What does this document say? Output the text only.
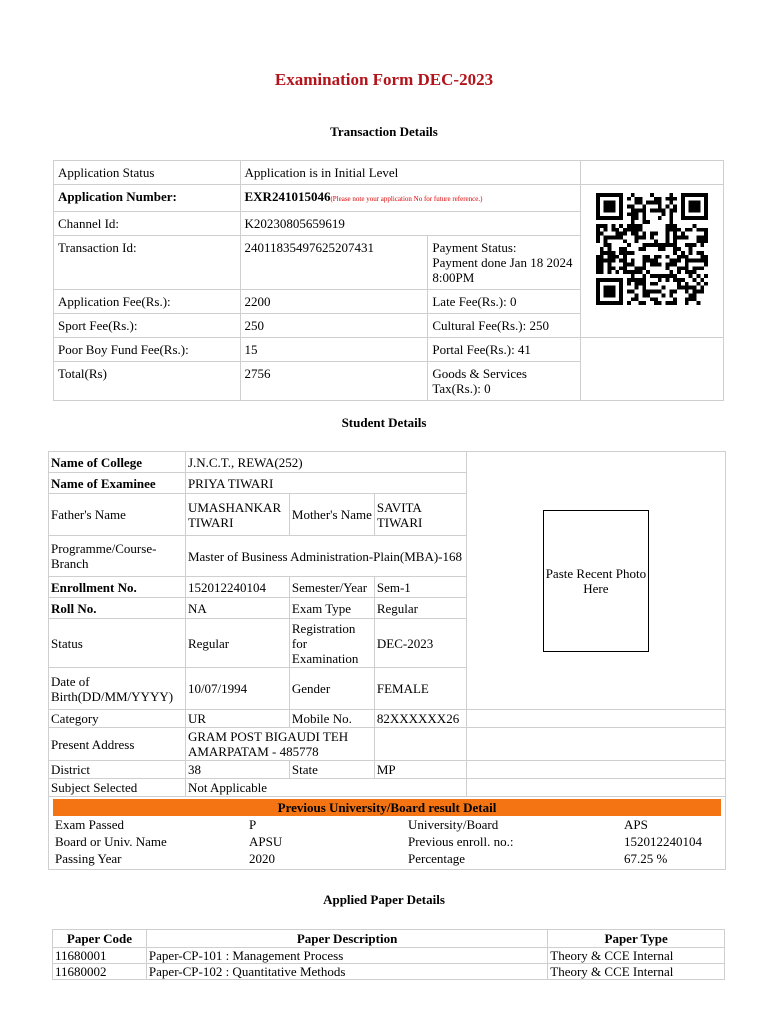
Examination Form DEC-2023
Transaction Details
Application Status	Application is in Initial Level		
Application Number:	EXR241015046(Please note your application No for future reference.)	

Channel Id:	K20230805659619		
Transaction Id:	24011835497625207431	Payment Status:
Payment done Jan 18 2024 8:00PM	

Application Fee(Rs.):	2200	Late Fee(Rs.): 0	
Sport Fee(Rs.):	250	Cultural Fee(Rs.): 250	
Poor Boy Fund Fee(Rs.):	15	Portal Fee(Rs.): 41	
Total(Rs)	2756	Goods & Services Tax(Rs.): 0	
Student Details
Name of College	J.N.C.T., REWA(252)	
Paste Recent Photo Here

Name of Examinee	PRIYA TIWARI
Father's Name	UMASHANKAR TIWARI	Mother's Name	SAVITA TIWARI
Programme/Course-Branch	Master of Business Administration-Plain(MBA)-168
Enrollment No.	152012240104	Semester/Year	Sem-1
Roll No.	NA	Exam Type	Regular
Status	Regular	Registration for Examination	DEC-2023
Date of Birth(DD/MM/YYYY)	10/07/1994	Gender	FEMALE
Category	UR	Mobile No.	82XXXXXX26	
Present Address	GRAM POST BIGAUDI TEH AMARPATAM - 485778		
District	38	State	MP	
Subject Selected	Not Applicable	

Previous University/Board result Detail
Exam Passed	P	University/Board	APS
Board or Univ. Name	APSU	Previous enroll. no.:	152012240104
Passing Year	2020	Percentage	67.25 %
Applied Paper Details
Paper Code	Paper Description	Paper Type
11680001	Paper-CP-101 : Management Process	Theory & CCE Internal
11680002	Paper-CP-102 : Quantitative Methods	Theory & CCE Internal
